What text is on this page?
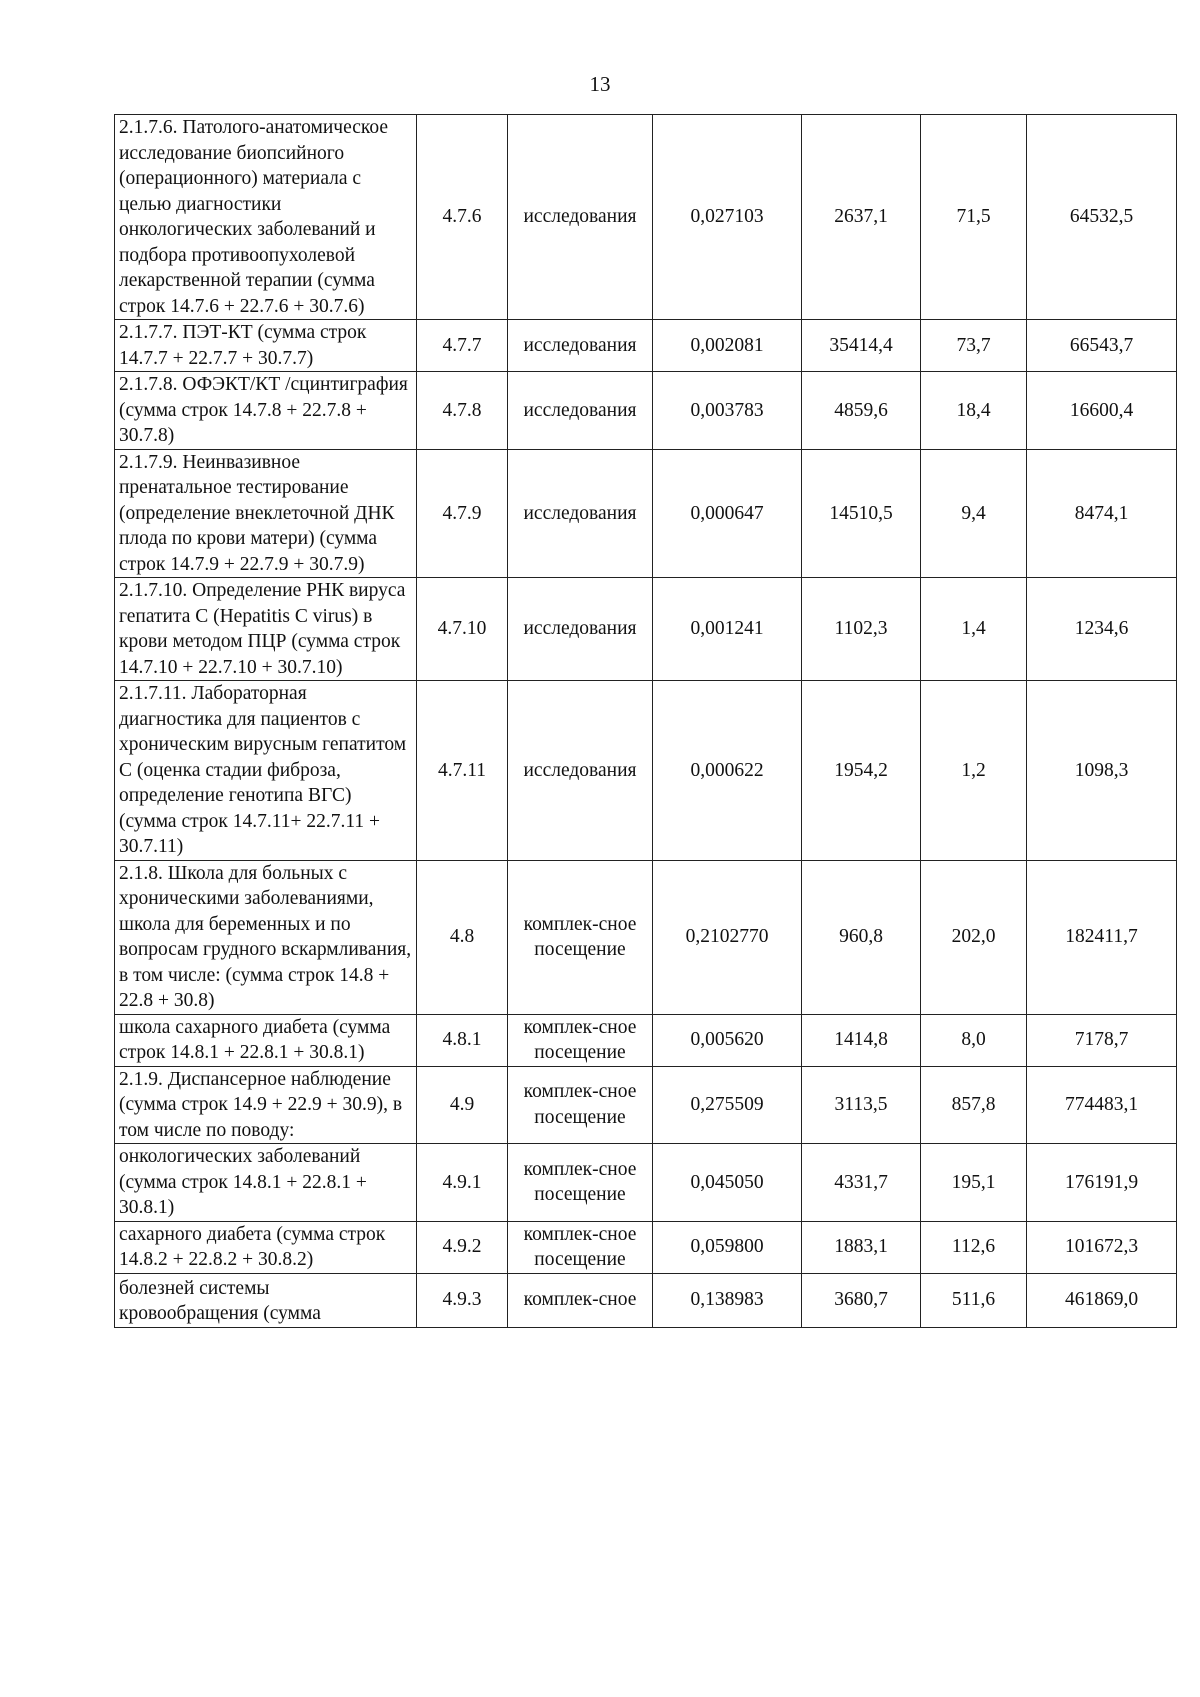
13
2.1.7.6. Патолого-анатомическое исследование биопсийного (операционного) материала с целью диагностики онкологических заболеваний и подбора противоопухолевой лекарственной терапии (сумма строк 14.7.6 + 22.7.6 + 30.7.6)	4.7.6	исследования	0,027103	2637,1	71,5	64532,5
2.1.7.7. ПЭТ-КТ (сумма строк 14.7.7 + 22.7.7 + 30.7.7)	4.7.7	исследования	0,002081	35414,4	73,7	66543,7
2.1.7.8. ОФЭКТ/КТ /сцинтиграфия (сумма строк 14.7.8 + 22.7.8 + 30.7.8)	4.7.8	исследования	0,003783	4859,6	18,4	16600,4
2.1.7.9. Неинвазивное пренатальное тестирование (определение внеклеточной ДНК плода по крови матери) (сумма строк 14.7.9 + 22.7.9 + 30.7.9)	4.7.9	исследования	0,000647	14510,5	9,4	8474,1
2.1.7.10. Определение РНК вируса гепатита С (Hepatitis C virus) в крови методом ПЦР (сумма строк 14.7.10 + 22.7.10 + 30.7.10)	4.7.10	исследования	0,001241	1102,3	1,4	1234,6
2.1.7.11. Лабораторная диагностика для пациентов с хроническим вирусным гепатитом С (оценка стадии фиброза, определение генотипа ВГС) (сумма строк 14.7.11+ 22.7.11 + 30.7.11)	4.7.11	исследования	0,000622	1954,2	1,2	1098,3
2.1.8. Школа для больных с хроническими заболеваниями, школа для беременных и по вопросам грудного вскармливания, в том числе: (сумма строк 14.8 + 22.8 + 30.8)	4.8	комплек-сное посещение	0,2102770	960,8	202,0	182411,7
школа сахарного диабета (сумма строк 14.8.1 + 22.8.1 + 30.8.1)	4.8.1	комплек-сное посещение	0,005620	1414,8	8,0	7178,7
2.1.9. Диспансерное наблюдение (сумма строк 14.9 + 22.9 + 30.9), в том числе по поводу:	4.9	комплек-сное посещение	0,275509	3113,5	857,8	774483,1
онкологических заболеваний (сумма строк 14.8.1 + 22.8.1 + 30.8.1)	4.9.1	комплек-сное посещение	0,045050	4331,7	195,1	176191,9
сахарного диабета (сумма строк 14.8.2 + 22.8.2 + 30.8.2)	4.9.2	комплек-сное посещение	0,059800	1883,1	112,6	101672,3
болезней системы кровообращения (сумма	4.9.3	комплек-сное	0,138983	3680,7	511,6	461869,0
